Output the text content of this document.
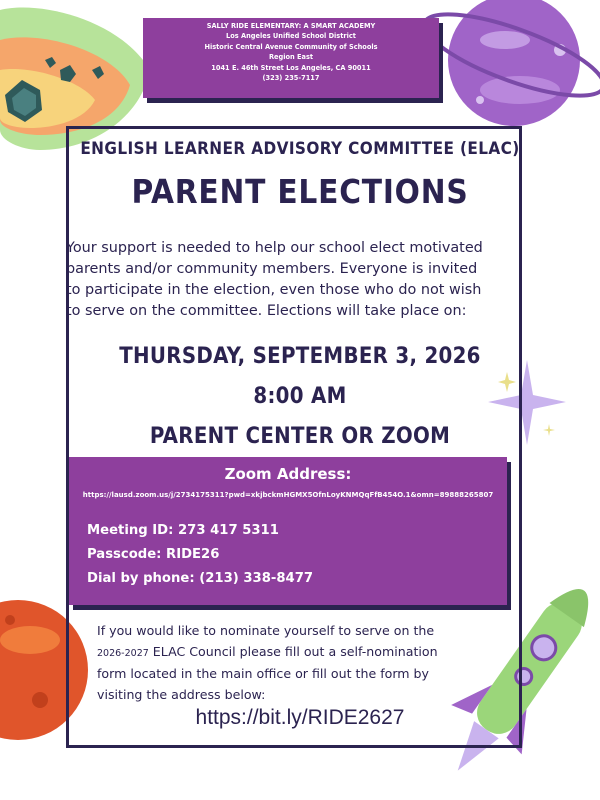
SALLY RIDE ELEMENTARY: A SMART ACADEMY
Los Angeles Unified School District
Historic Central Avenue Community of Schools
Region East
1041 E. 46th Street Los Angeles, CA 90011
(323) 235-7117
ENGLISH LEARNER ADVISORY COMMITTEE (ELAC)
PARENT ELECTIONS
Your support is needed to help our school elect motivated
parents and/or community members. Everyone is invited
to participate in the election, even those who do not wish
to serve on the committee. Elections will take place on:
THURSDAY, SEPTEMBER 3, 2026
8:00 AM
PARENT CENTER OR ZOOM
Zoom Address:
https://lausd.zoom.us/j/2734175311?pwd=xkjbckmHGMX5OfnLoyKNMQqFfB454O.1&omn=89888265807
Meeting ID: 273 417 5311
Passcode: RIDE26
Dial by phone: (213) 338-8477
If you would like to nominate yourself to serve on the
2026-2027 ELAC Council please fill out a self-nomination
form located in the main office or fill out the form by
visiting the address below:
https://bit.ly/RIDE2627
